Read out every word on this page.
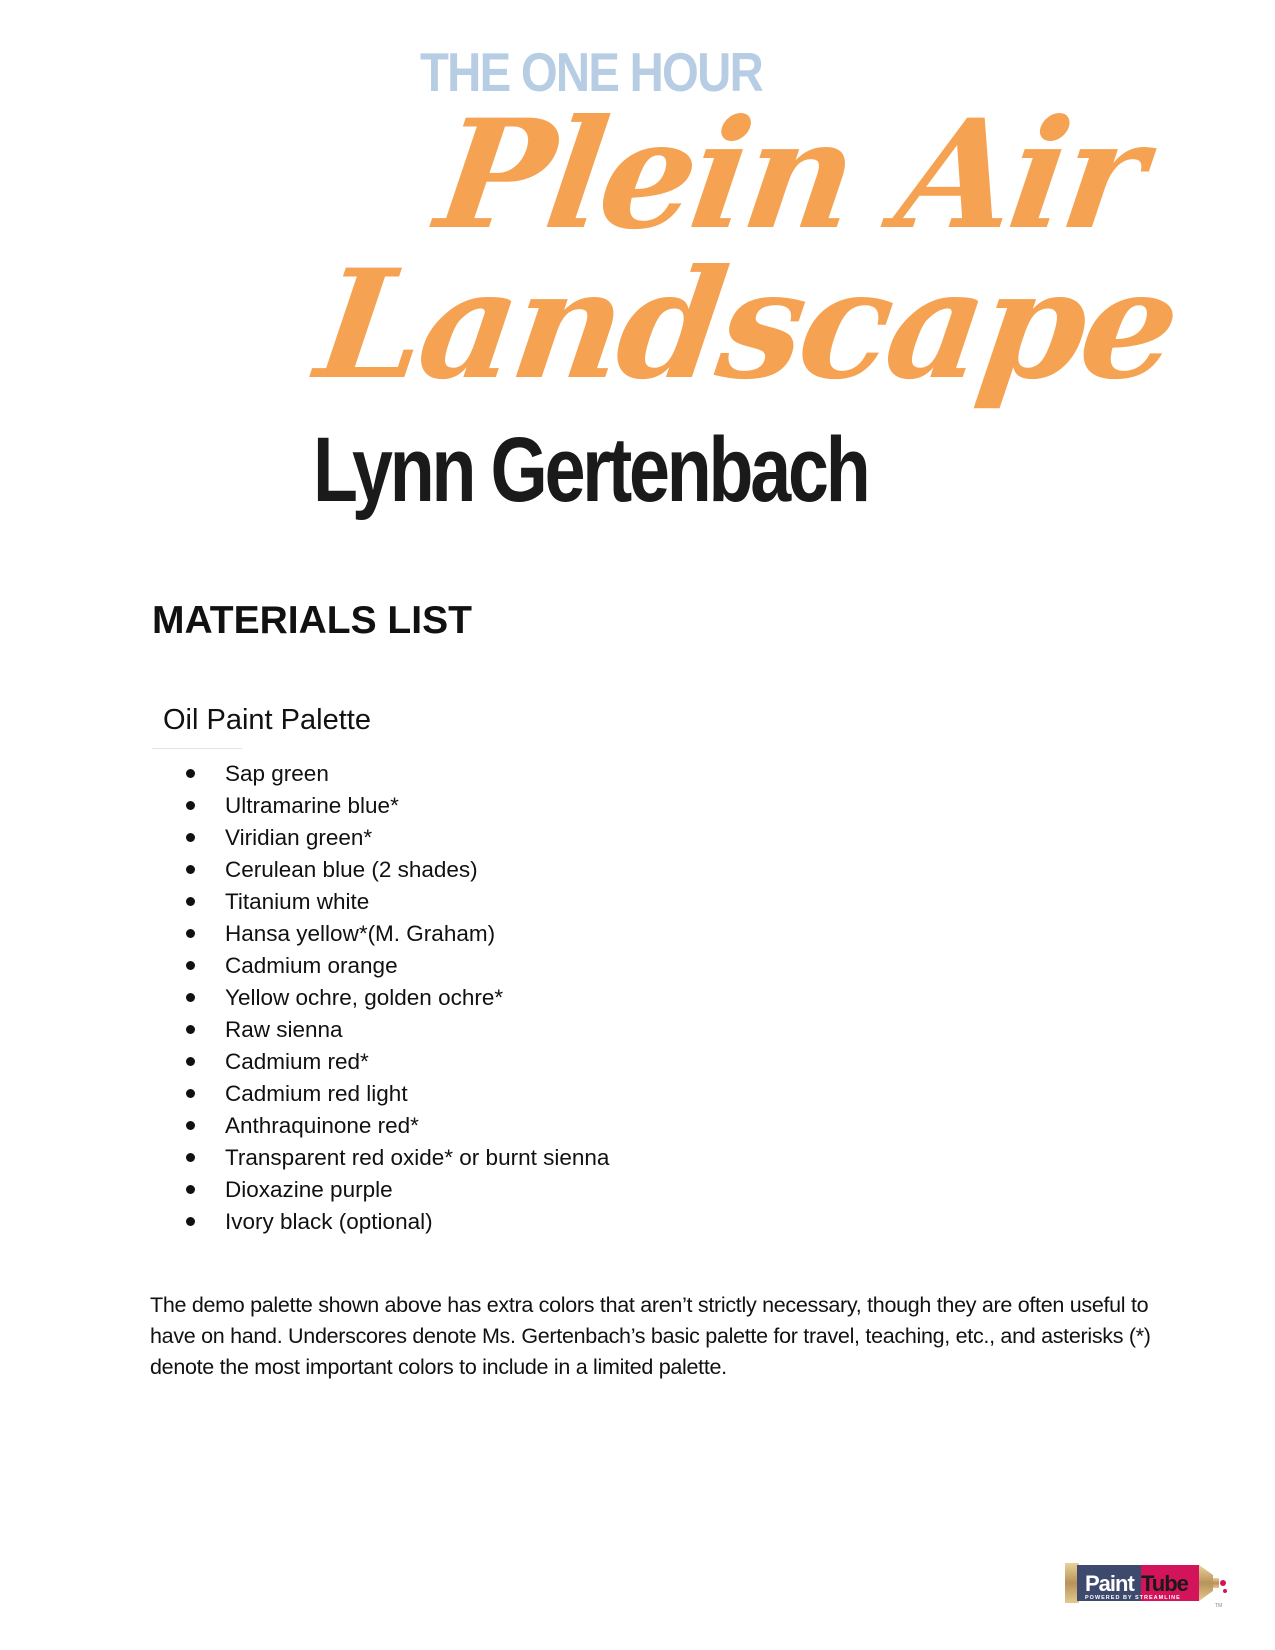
THE ONE HOUR
Plein Air
Landscape
Lynn Gertenbach
MATERIALS LIST
Oil Paint Palette
Sap green
Ultramarine blue*
Viridian green*
Cerulean blue (2 shades)
Titanium white
Hansa yellow*(M. Graham)
Cadmium orange
Yellow ochre, golden ochre*
Raw sienna
Cadmium red*
Cadmium red light
Anthraquinone red*
Transparent red oxide* or burnt sienna
Dioxazine purple
Ivory black (optional)

The demo palette shown above has extra colors that aren’t strictly necessary, though they are often useful to have on hand. Underscores denote Ms. Gertenbach’s basic palette for travel, teaching, etc., and asterisks (*) denote the most important colors to include in a limited palette.

Paint Tube
POWERED BY STREAMLINE
TM
